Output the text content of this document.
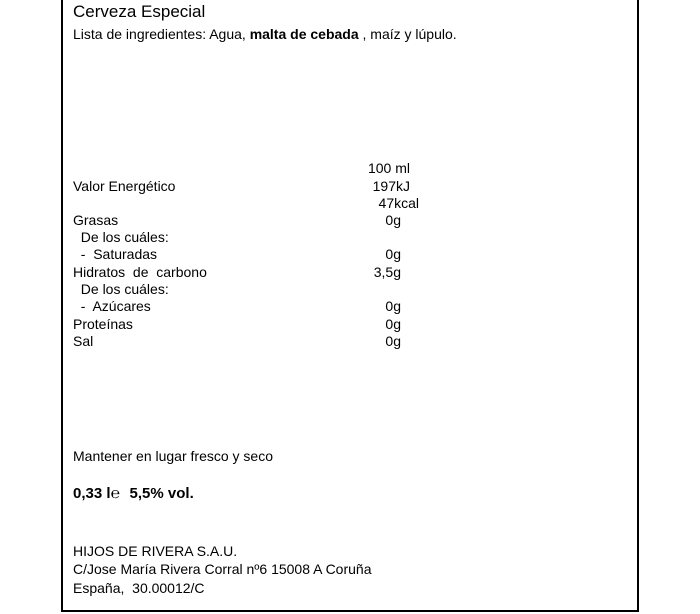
Cerveza Especial
Lista de ingredientes: Agua, malta de cebada , maíz y lúpulo.
100 ml
Valor Energético	197kJ
47kcal
Grasas	0g
De los cuáles:
-  Saturadas	0g
Hidratos  de  carbono	3,5g
De los cuáles:
-  Azúcares	0g
Proteínas	0g
Sal	0g
Mantener en lugar fresco y seco
0,33 l℮ 5,5% vol.
HIJOS DE RIVERA S.A.U.
C/Jose María Rivera Corral nº6 15008 A Coruña
España,  30.00012/C
